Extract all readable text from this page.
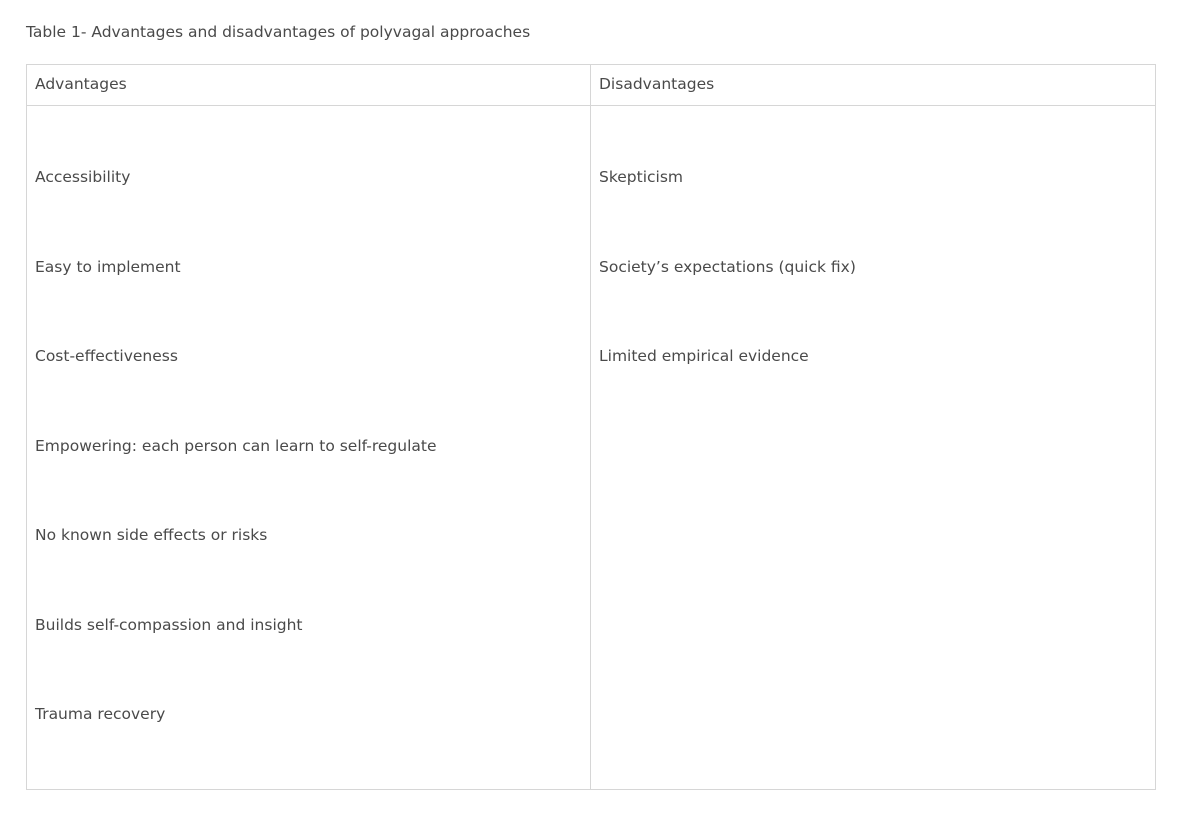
Table 1- Advantages and disadvantages of polyvagal approaches
Advantages	Disadvantages
Accessibility
Easy to implement
Cost-effectiveness
Empowering: each person can learn to self-regulate
No known side effects or risks
Builds self-compassion and insight
Trauma recovery
Skepticism
Society’s expectations (quick fix)
Limited empirical evidence
